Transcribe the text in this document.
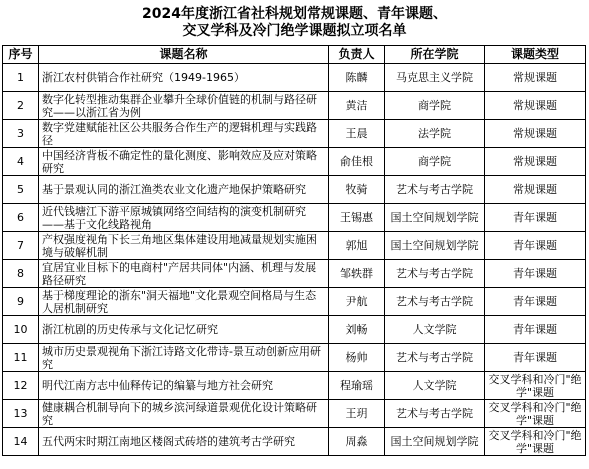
2024年度浙江省社科规划常规课题、青年课题、
交叉学科及冷门绝学课题拟立项名单
序号	课题名称	负责人	所在学院	课题类型
1	浙江农村供销合作社研究（1949-1965）	陈麟	马克思主义学院	常规课题
2	数字化转型推动集群企业攀升全球价值链的机制与路径研究——以浙江省为例	黄洁	商学院	常规课题
3	数字党建赋能社区公共服务合作生产的逻辑机理与实践路径	王晨	法学院	常规课题
4	中国经济背板不确定性的量化测度、影响效应及应对策略研究	俞佳根	商学院	常规课题
5	基于景观认同的浙江渔类农业文化遗产地保护策略研究	牧骑	艺术与考古学院	常规课题
6	近代钱塘江下游平原城镇网络空间结构的演变机制研究——基于文化线路视角	王锡惠	国土空间规划学院	青年课题
7	产权强度视角下长三角地区集体建设用地减量规划实施困境与破解机制	郭旭	国土空间规划学院	青年课题
8	宜居宜业目标下的电商村"产居共同体"内涵、机理与发展路径研究	邹轶群	艺术与考古学院	青年课题
9	基于梯度理论的浙东"洞天福地"文化景观空间格局与生态人居机制研究	尹航	艺术与考古学院	青年课题
10	浙江杭剧的历史传承与文化记忆研究	刘畅	人文学院	青年课题
11	城市历史景观视角下浙江诗路文化带诗-景互动创新应用研究	杨帅	艺术与考古学院	青年课题
12	明代江南方志中仙释传记的编纂与地方社会研究	程瑜瑶	人文学院	交叉学科和冷门"绝学"课题
13	健康耦合机制导向下的城乡滨河绿道景观优化设计策略研究	王玥	艺术与考古学院	交叉学科和冷门"绝学"课题
14	五代两宋时期江南地区楼阁式砖塔的建筑考古学研究	周淼	国土空间规划学院	交叉学科和冷门"绝学"课题
